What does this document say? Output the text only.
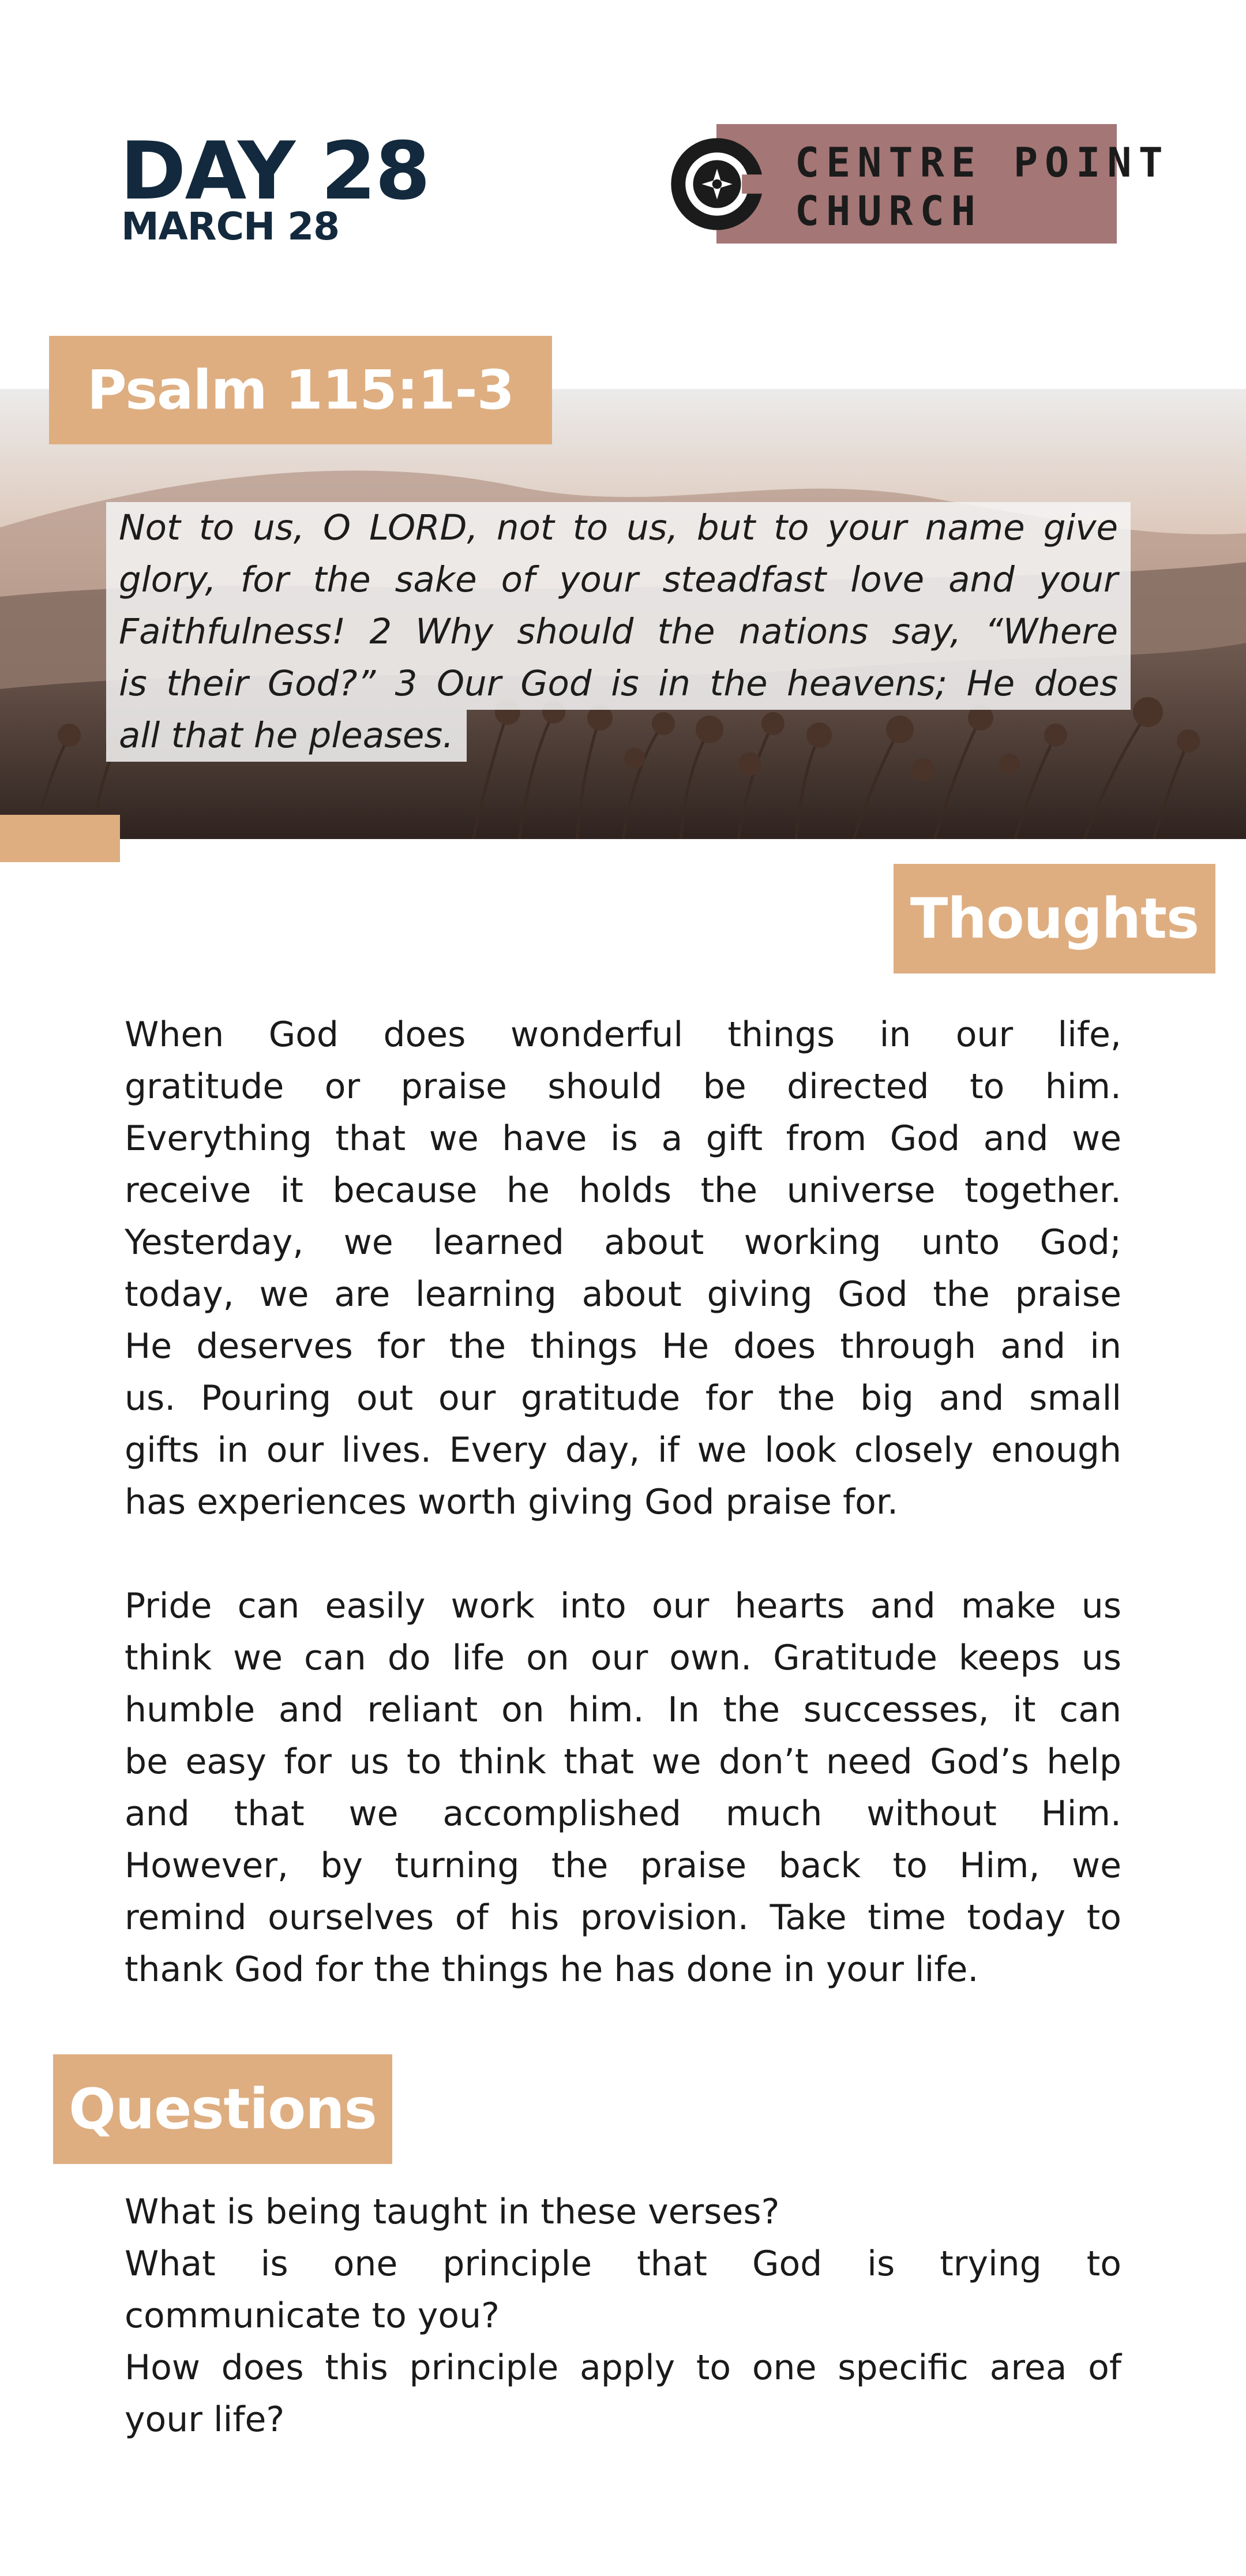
DAY 28
MARCH 28
CENTRE POINT
CHURCH
Psalm 115:1-3
Not to us, O LORD, not to us, but to your name give
glory, for the sake of your steadfast love and your
Faithfulness! 2 Why should the nations say, “Where
is their God?” 3 Our God is in the heavens; He does
all that he pleases.
Thoughts
When God does wonderful things in our life,
gratitude or praise should be directed to him.
Everything that we have is a gift from God and we
receive it because he holds the universe together.
Yesterday, we learned about working unto God;
today, we are learning about giving God the praise
He deserves for the things He does through and in
us. Pouring out our gratitude for the big and small
gifts in our lives. Every day, if we look closely enough
has experiences worth giving God praise for.
Pride can easily work into our hearts and make us
think we can do life on our own. Gratitude keeps us
humble and reliant on him. In the successes, it can
be easy for us to think that we don’t need God’s help
and that we accomplished much without Him.
However, by turning the praise back to Him, we
remind ourselves of his provision. Take time today to
thank God for the things he has done in your life.
Questions
What is being taught in these verses?
What is one principle that God is trying to
communicate to you?
How does this principle apply to one specific area of
your life?
